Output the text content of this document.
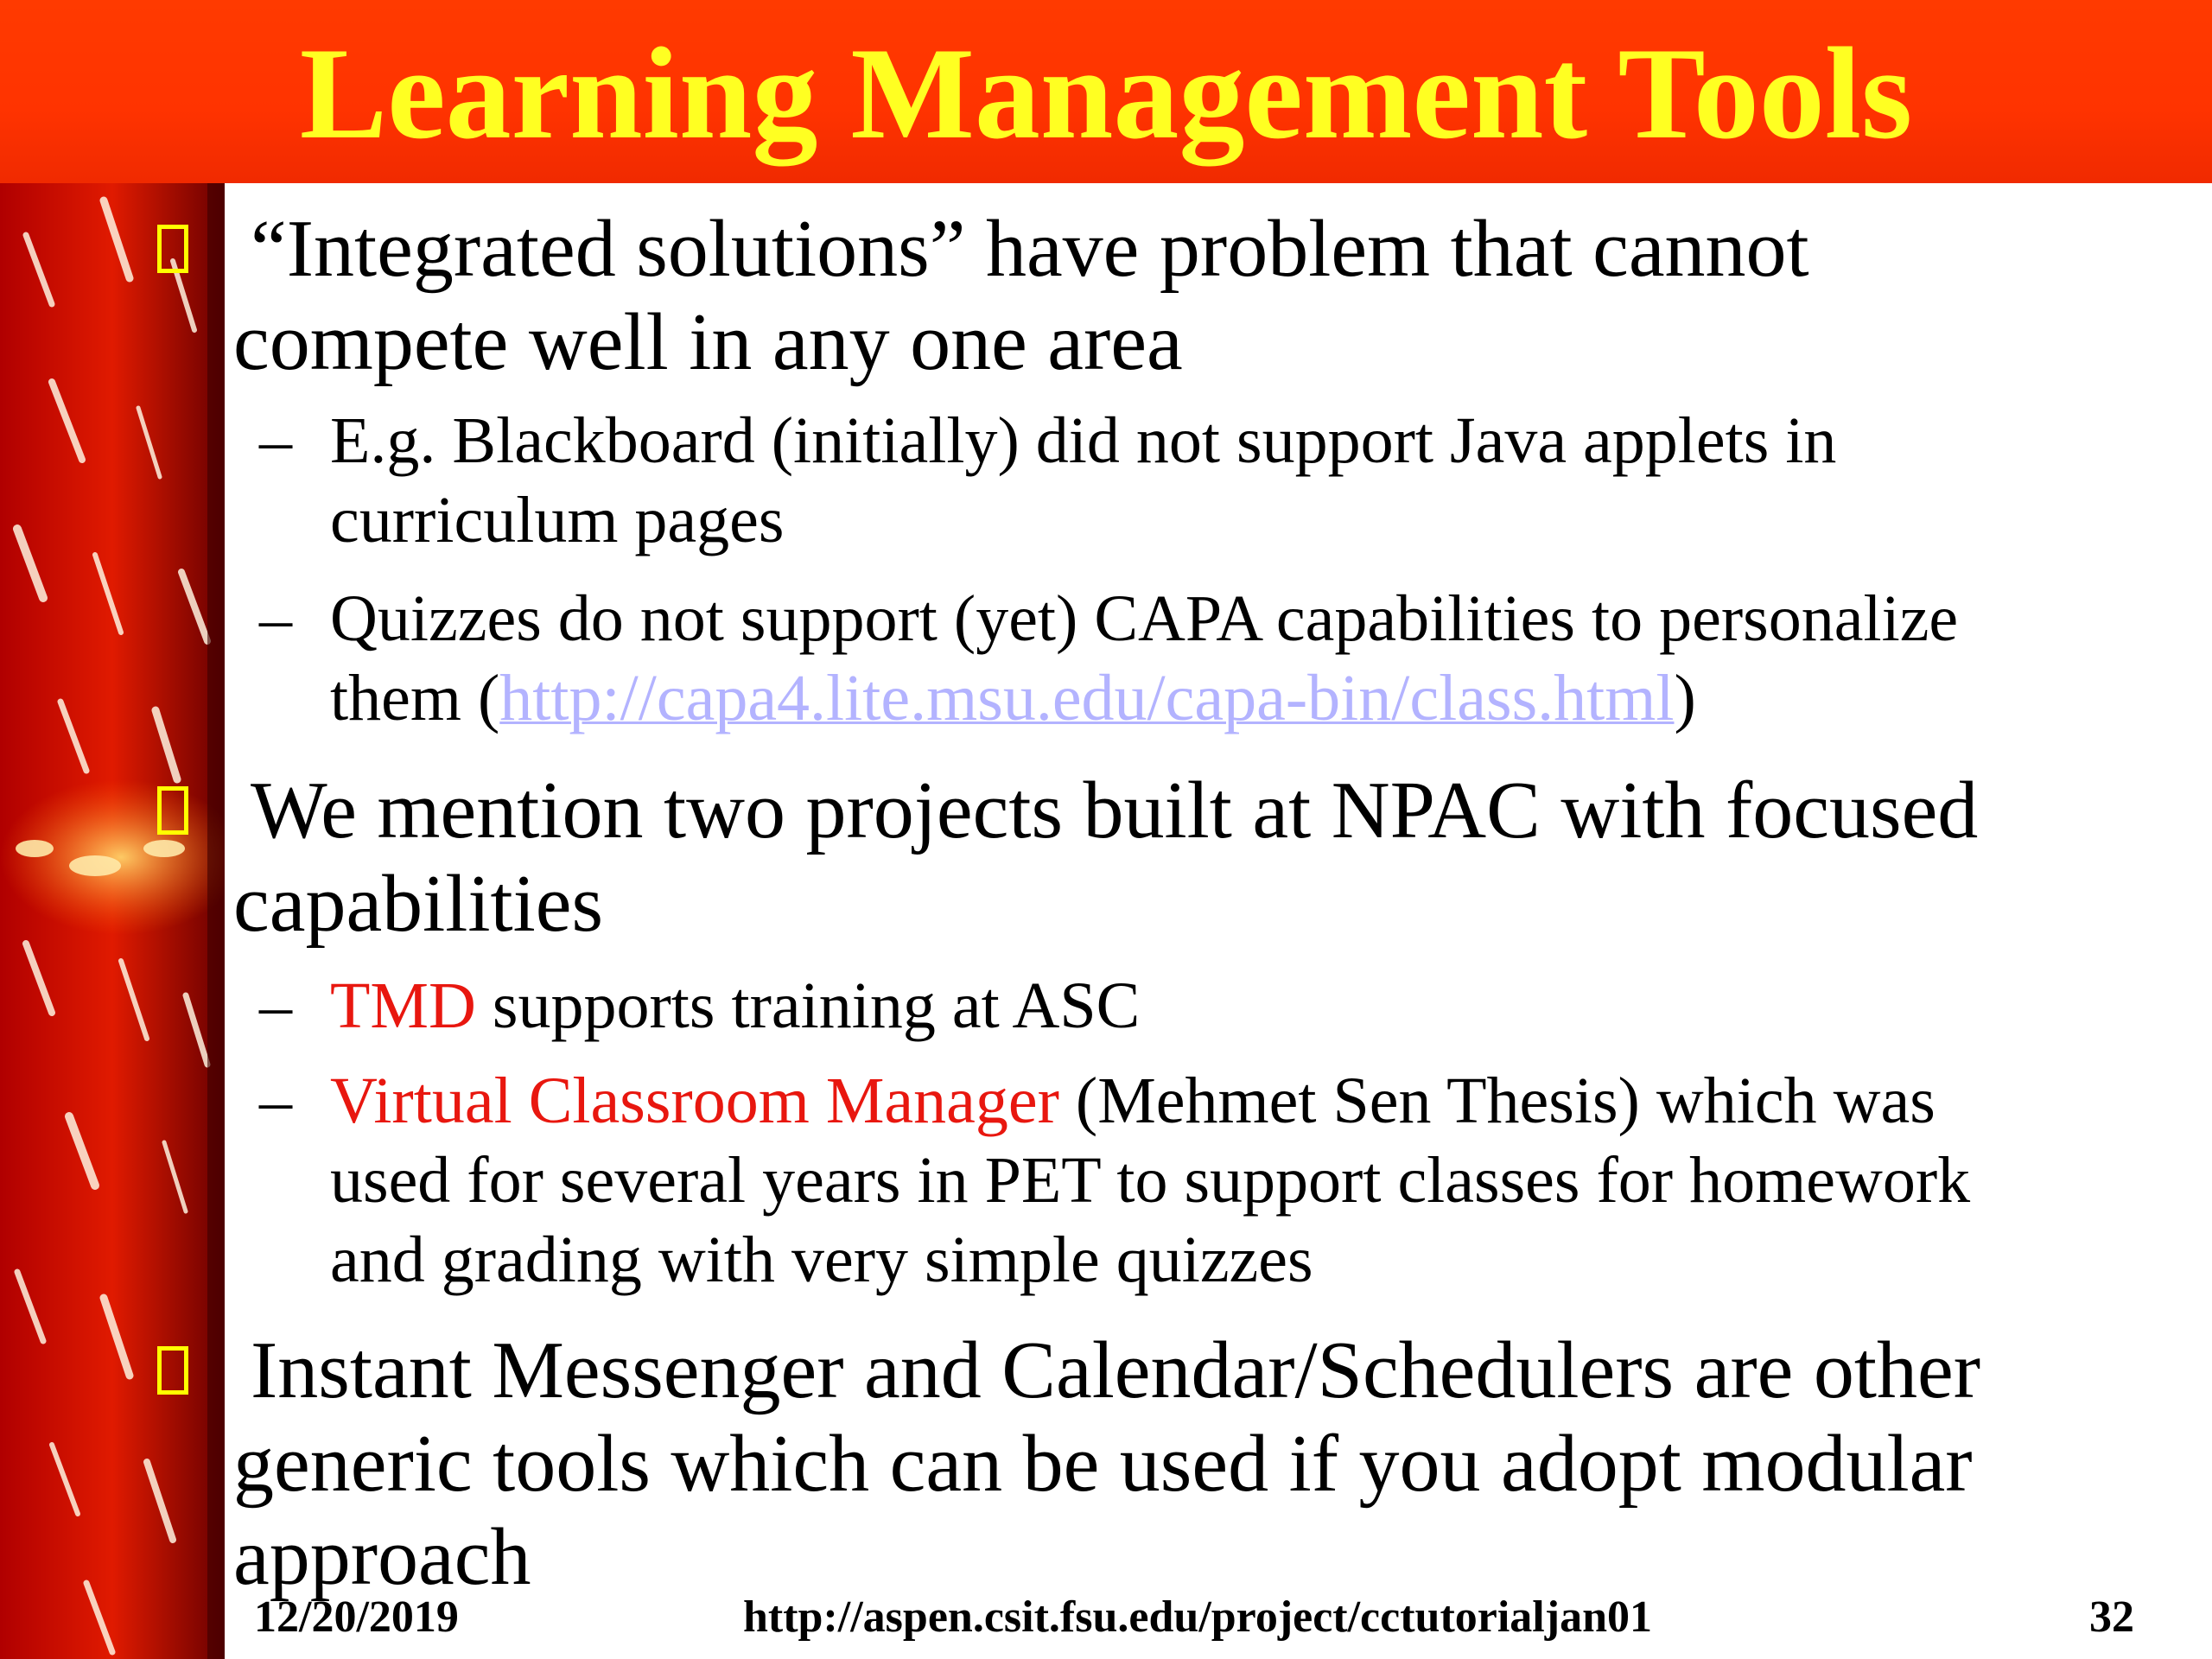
Learning Management Tools

“Integrated solutions” have problem that cannot
compete well in any one area

– E.g. Blackboard (initially) did not support Java applets in
curriculum pages

– Quizzes do not support (yet) CAPA capabilities to personalize
them (http://capa4.lite.msu.edu/capa-bin/class.html)

We mention two projects built at NPAC with focused
capabilities

– TMD supports training at ASC

– Virtual Classroom Manager (Mehmet Sen Thesis) which was
used for several years in PET to support classes for homework
and grading with very simple quizzes

Instant Messenger and Calendar/Schedulers are other
generic tools which can be used if you adopt modular
approach

12/20/2019	http://aspen.csit.fsu.edu/project/cctutorialjan01	32
